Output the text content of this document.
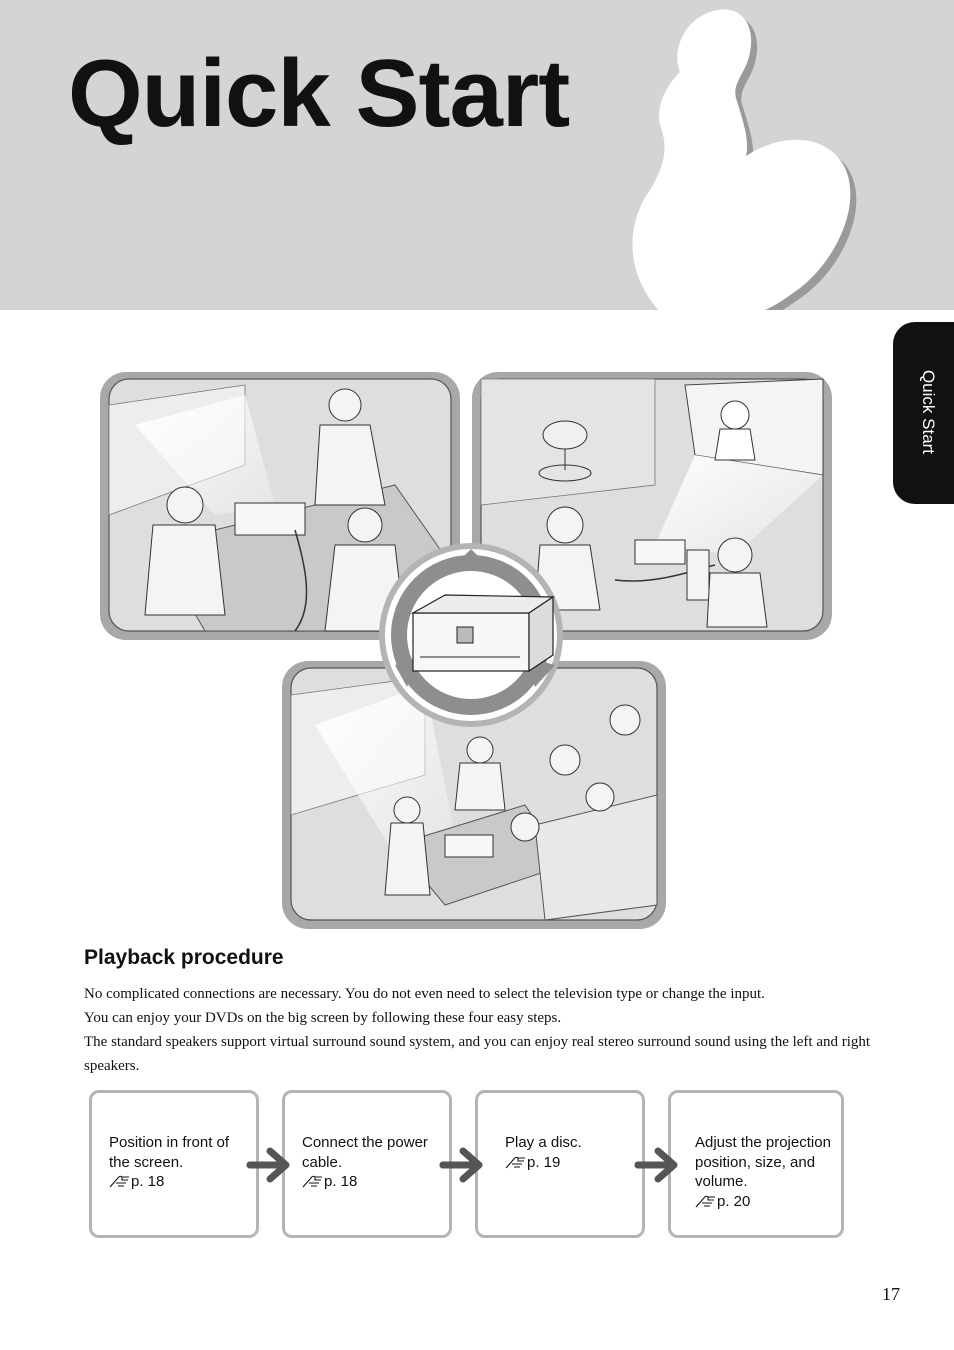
Quick Start
Quick Start
Playback procedure

No complicated connections are necessary. You do not even need to select the television type or change the input.

You can enjoy your DVDs on the big screen by following these four easy steps.

The standard speakers support virtual surround sound system, and you can enjoy real stereo surround sound using the left and right speakers.

Position in front of the screen.
p. 18
Connect the power cable.
p. 18
Play a disc.
p. 19
Adjust the projection position, size, and volume.
p. 20
17
